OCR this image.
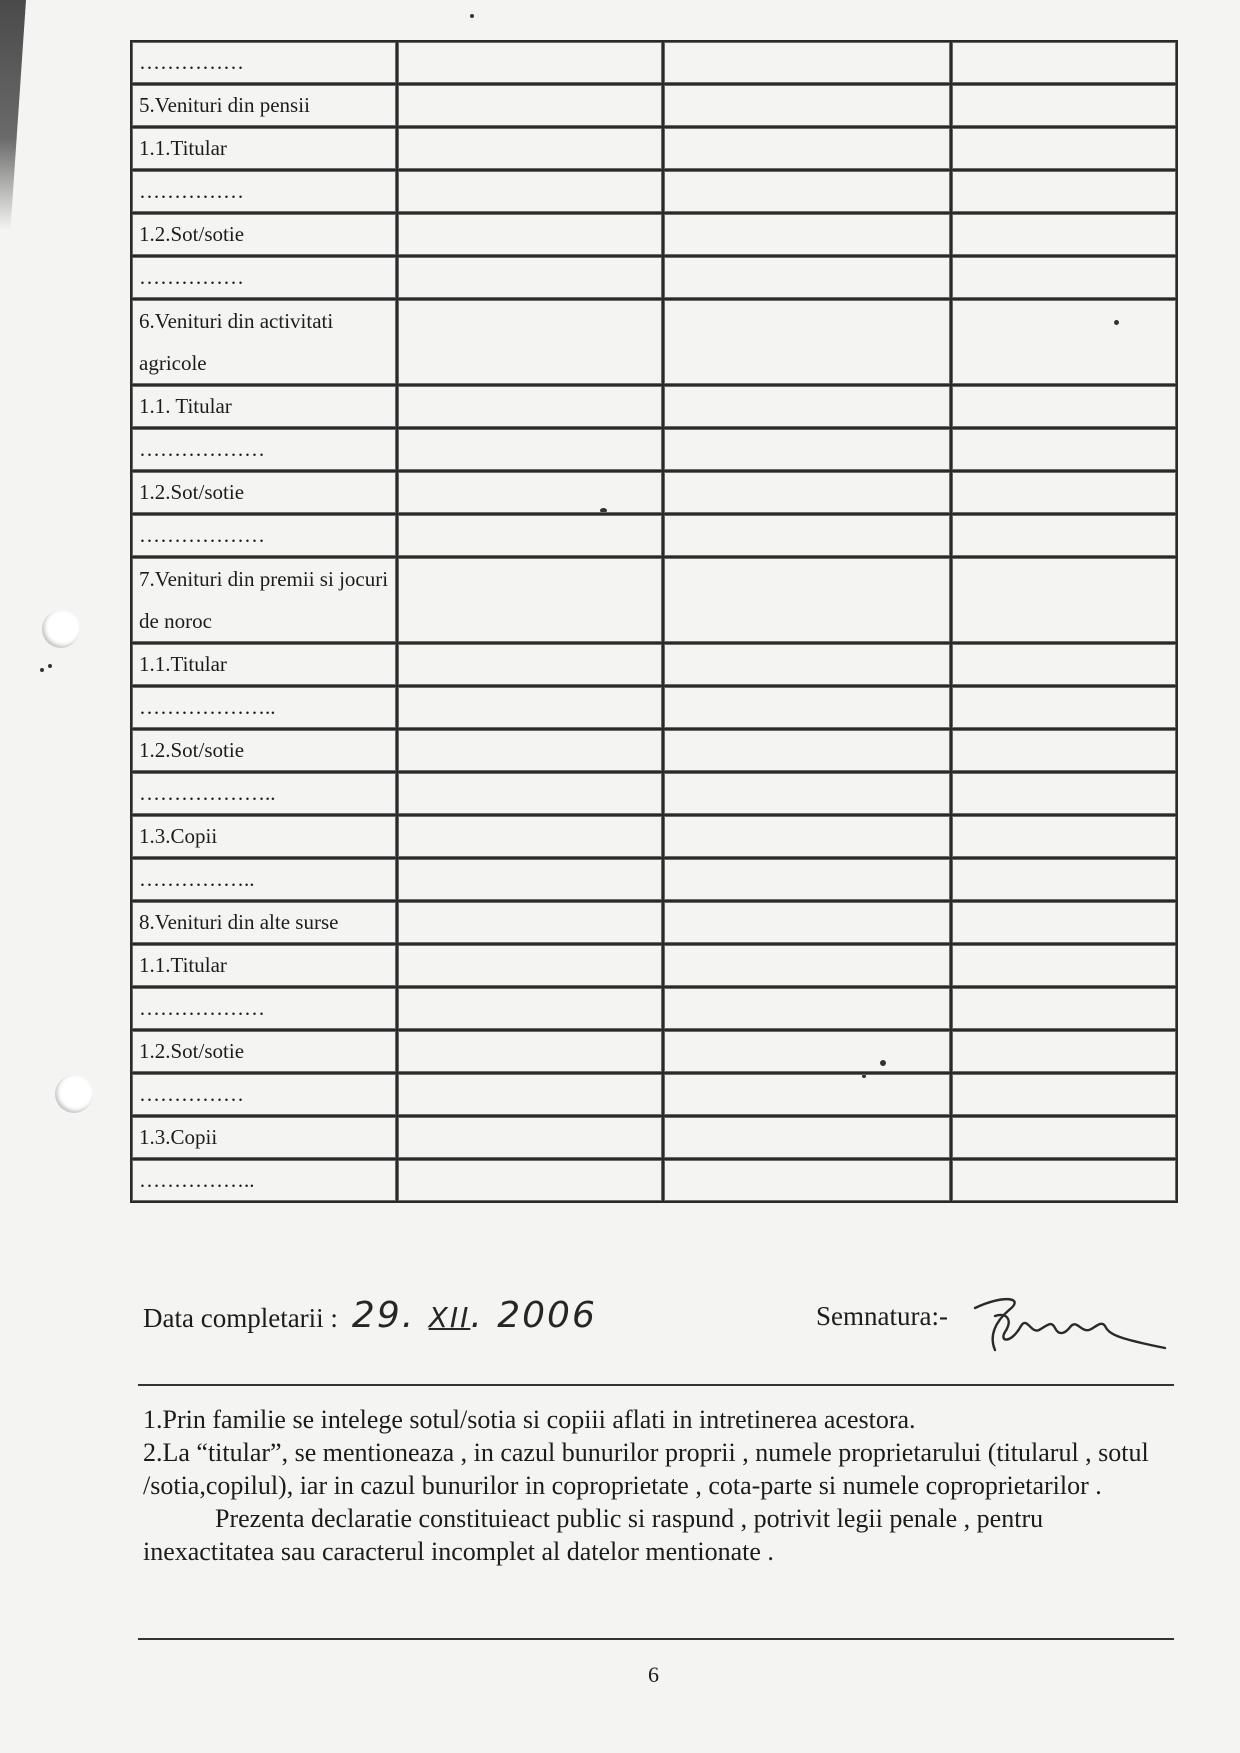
……………			
5.Venituri din pensii			
1.1.Titular			
……………			
1.2.Sot/sotie			
……………			
6.Venituri din activitati agricole			
1.1. Titular			
………………			
1.2.Sot/sotie			
………………			
7.Venituri din premii si jocuri de noroc			
1.1.Titular			
………………..			
1.2.Sot/sotie			
………………..			
1.3.Copii			
……………..			
8.Venituri din alte surse			
1.1.Titular			
………………			
1.2.Sot/sotie			
……………			
1.3.Copii			
……………..			
Data completarii : 29. XII. 2006	Semnatura:-

1.Prin familie se intelege sotul/sotia si copiii aflati in intretinerea acestora.

2.La “titular”, se mentioneaza , in cazul bunurilor proprii , numele proprietarului (titularul , sotul /sotia,copilul), iar in cazul bunurilor in coproprietate , cota-parte si numele coproprietarilor .

Prezenta declaratie constituieact public si raspund , potrivit legii penale , pentru inexactitatea sau caracterul incomplet al datelor mentionate .

6
